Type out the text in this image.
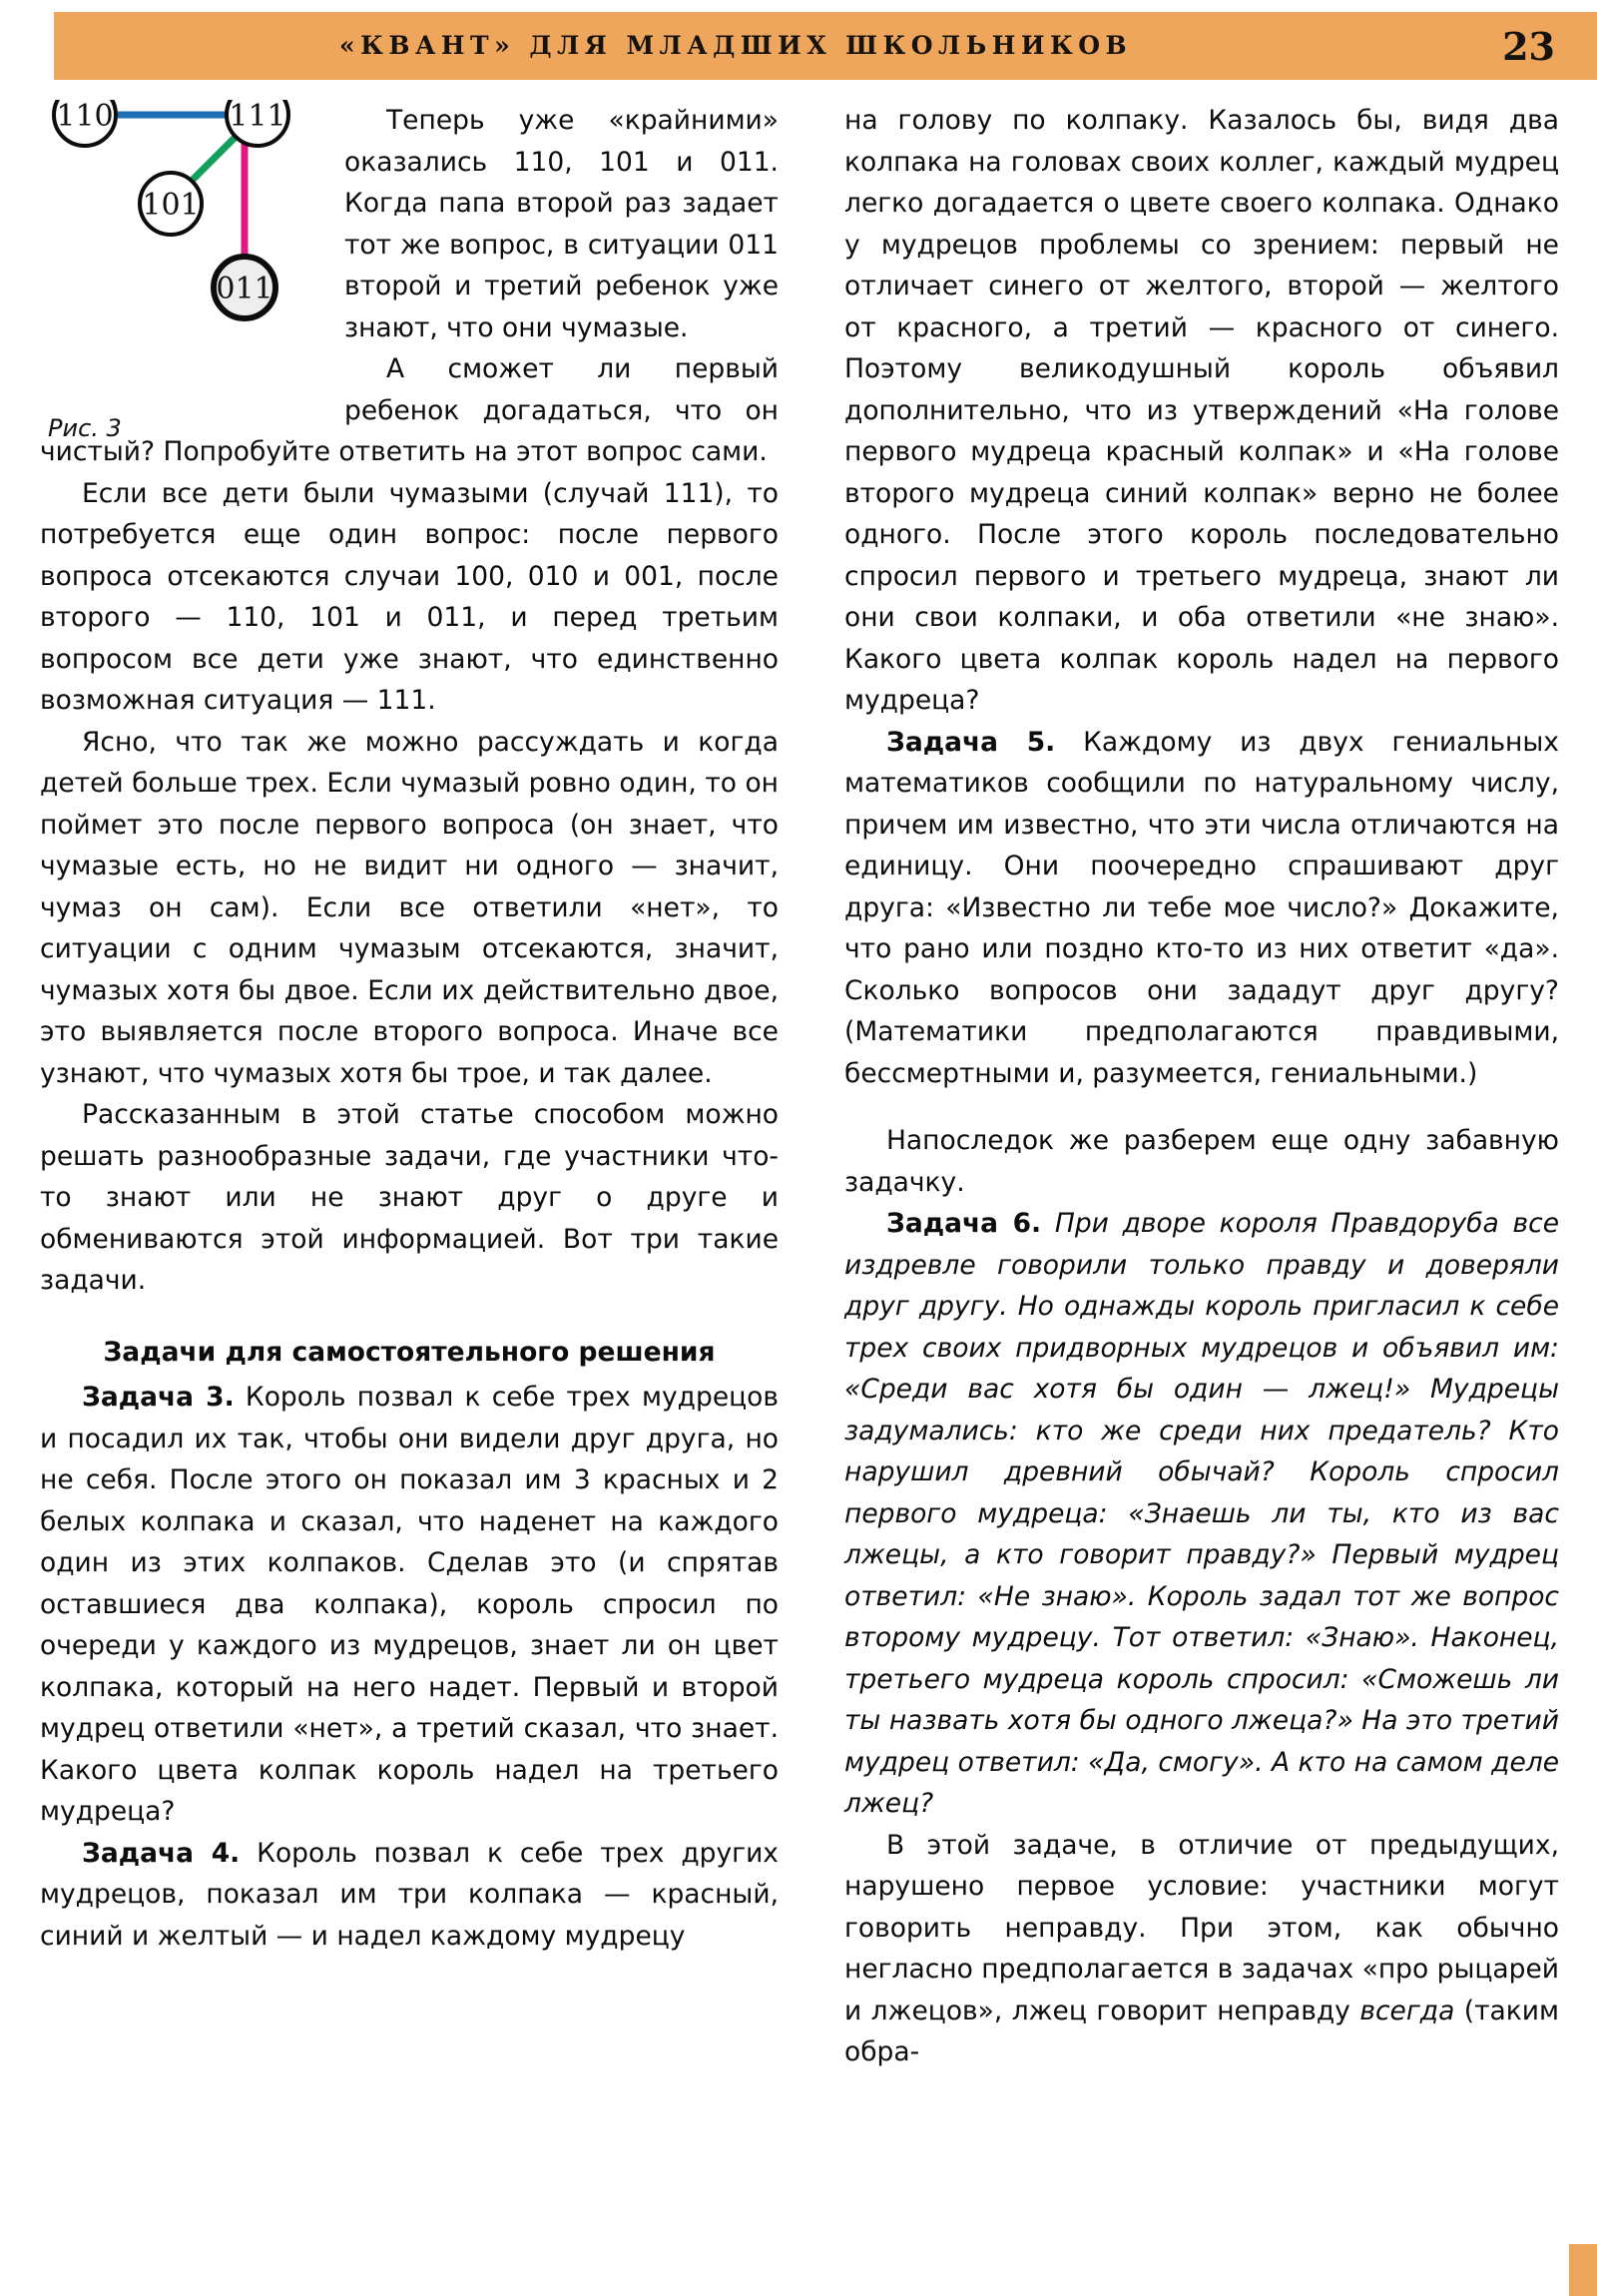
«КВАНТ» ДЛЯ МЛАДШИХ ШКОЛЬНИКОВ	23
110	111
101
011
Рис. 3

Теперь уже «крайними» оказались 110, 101 и 011. Когда папа второй раз задает тот же вопрос, в ситуации 011 второй и третий ребенок уже знают, что они чумазые.

А сможет ли первый ребенок догадаться, что он чистый? Попробуйте ответить на этот вопрос сами.

Если все дети были чумазыми (случай 111), то потребуется еще один вопрос: после первого вопроса отсекаются случаи 100, 010 и 001, после второго — 110, 101 и 011, и перед третьим вопросом все дети уже знают, что единственно возможная ситуация — 111.

Ясно, что так же можно рассуждать и когда детей больше трех. Если чумазый ровно один, то он поймет это после первого вопроса (он знает, что чумазые есть, но не видит ни одного — значит, чумаз он сам). Если все ответили «нет», то ситуации с одним чумазым отсекаются, значит, чумазых хотя бы двое. Если их действительно двое, это выявляется после второго вопроса. Иначе все узнают, что чумазых хотя бы трое, и так далее.

Рассказанным в этой статье способом можно решать разнообразные задачи, где участники что-то знают или не знают друг о друге и обмениваются этой информацией. Вот три такие задачи.

Задачи для самостоятельного решения

Задача 3. Король позвал к себе трех мудрецов и посадил их так, чтобы они видели друг друга, но не себя. После этого он показал им 3 красных и 2 белых колпака и сказал, что наденет на каждого один из этих колпаков. Сделав это (и спрятав оставшиеся два колпака), король спросил по очереди у каждого из мудрецов, знает ли он цвет колпака, который на него надет. Первый и второй мудрец ответили «нет», а третий сказал, что знает. Какого цвета колпак король надел на третьего мудреца?

Задача 4. Король позвал к себе трех других мудрецов, показал им три колпака — красный, синий и желтый — и надел каждому мудрецу

на голову по колпаку. Казалось бы, видя два колпака на головах своих коллег, каждый мудрец легко догадается о цвете своего колпака. Однако у мудрецов проблемы со зрением: первый не отличает синего от желтого, второй — желтого от красного, а третий — красного от синего. Поэтому великодушный король объявил дополнительно, что из утверждений «На голове первого мудреца красный колпак» и «На голове второго мудреца синий колпак» верно не более одного. После этого король последовательно спросил первого и третьего мудреца, знают ли они свои колпаки, и оба ответили «не знаю». Какого цвета колпак король надел на первого мудреца?

Задача 5. Каждому из двух гениальных математиков сообщили по натуральному числу, причем им известно, что эти числа отличаются на единицу. Они поочередно спрашивают друг друга: «Известно ли тебе мое число?» Докажите, что рано или поздно кто-то из них ответит «да». Сколько вопросов они зададут друг другу? (Математики предполагаются правдивыми, бессмертными и, разумеется, гениальными.)

Напоследок же разберем еще одну забавную задачку.

Задача 6. При дворе короля Правдоруба все издревле говорили только правду и доверяли друг другу. Но однажды король пригласил к себе трех своих придворных мудрецов и объявил им: «Среди вас хотя бы один — лжец!» Мудрецы задумались: кто же среди них предатель? Кто нарушил древний обычай? Король спросил первого мудреца: «Знаешь ли ты, кто из вас лжецы, а кто говорит правду?» Первый мудрец ответил: «Не знаю». Король задал тот же вопрос второму мудрецу. Тот ответил: «Знаю». Наконец, третьего мудреца король спросил: «Сможешь ли ты назвать хотя бы одного лжеца?» На это третий мудрец ответил: «Да, смогу». А кто на самом деле лжец?

В этой задаче, в отличие от предыдущих, нарушено первое условие: участники могут говорить неправду. При этом, как обычно негласно предполагается в задачах «про рыцарей и лжецов», лжец говорит неправду всегда (таким обра-
